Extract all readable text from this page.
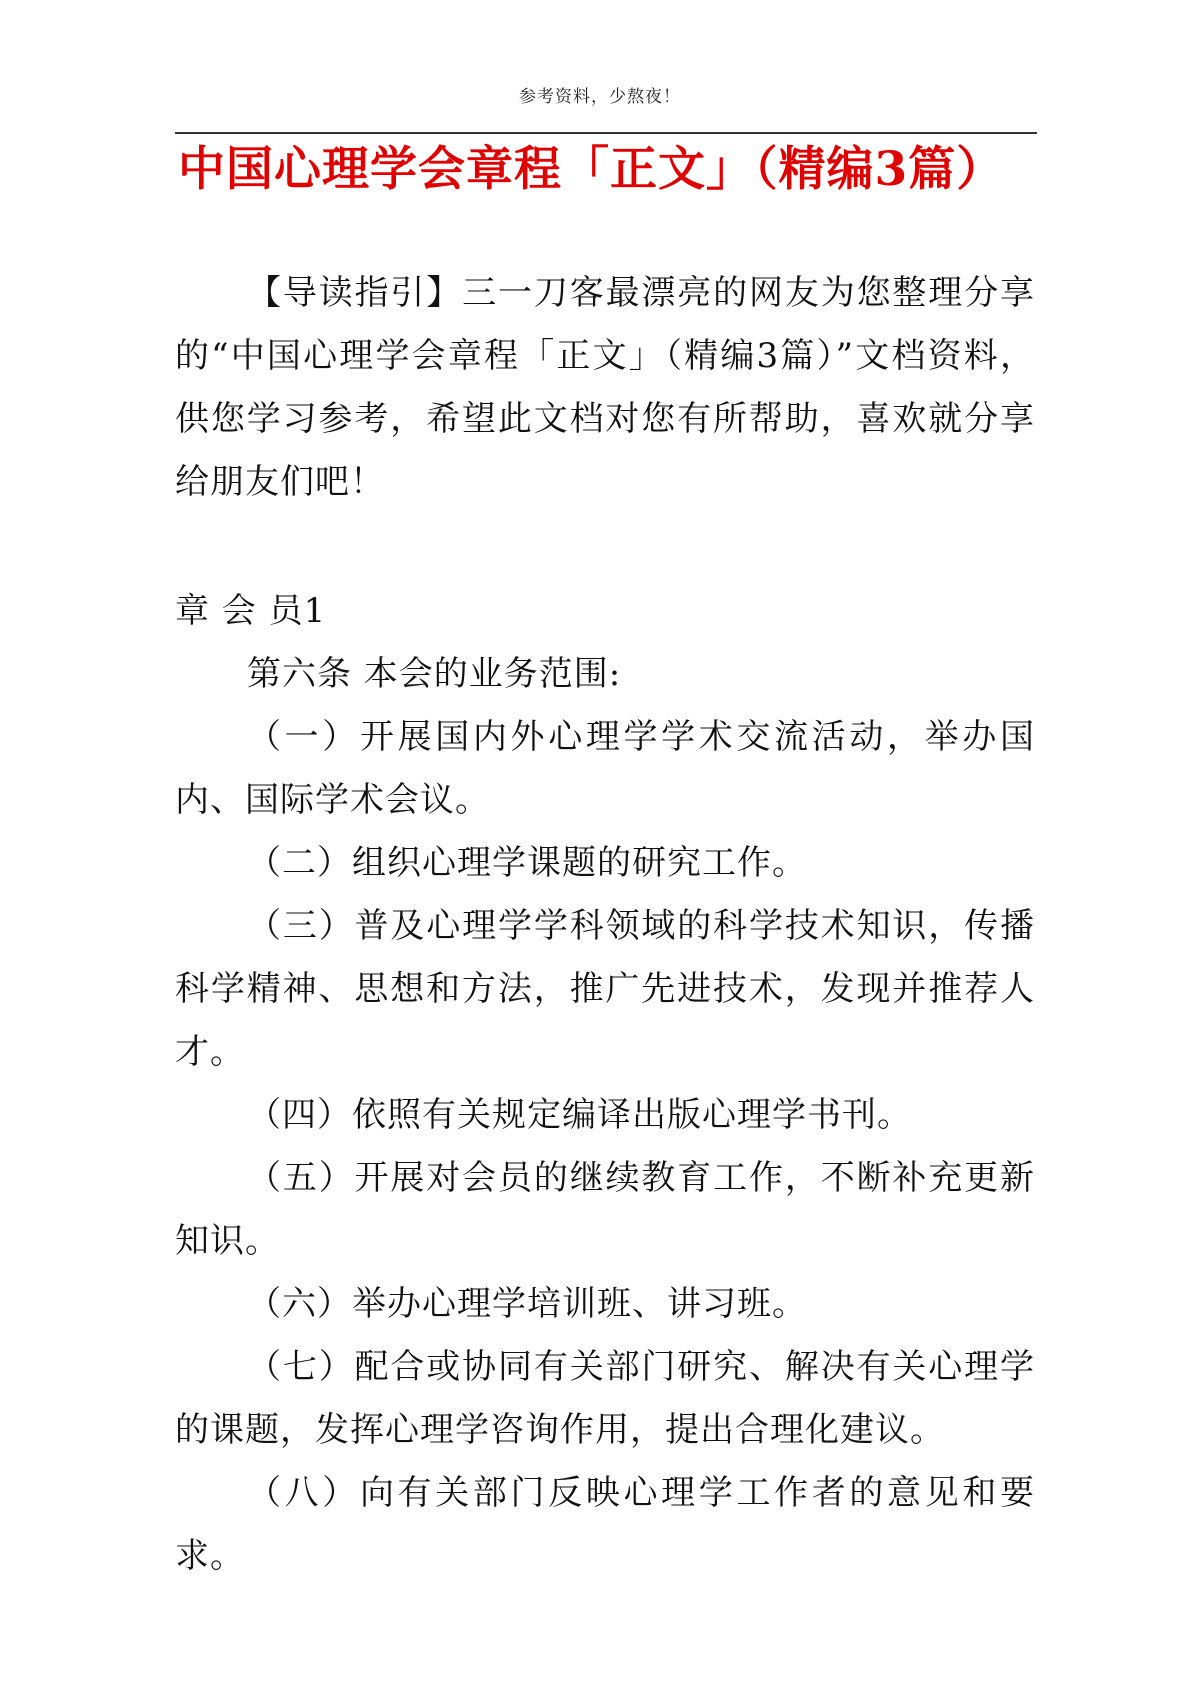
参考资料，少熬夜！
中国心理学会章程「正文」（精编3篇）
【导读指引】三一刀客最漂亮的网友为您整理分享的“中国心理学会章程「正文」（精编3篇）”文档资料，供您学习参考，希望此文档对您有所帮助，喜欢就分享给朋友们吧！
章 会 员1

第六条 本会的业务范围:

（一）开展国内外心理学学术交流活动，举办国内、国际学术会议。

（二）组织心理学课题的研究工作。

（三）普及心理学学科领域的科学技术知识，传播科学精神、思想和方法，推广先进技术，发现并推荐人才。

（四）依照有关规定编译出版心理学书刊。

（五）开展对会员的继续教育工作，不断补充更新知识。

（六）举办心理学培训班、讲习班。

（七）配合或协同有关部门研究、解决有关心理学的课题，发挥心理学咨询作用，提出合理化建议。

（八）向有关部门反映心理学工作者的意见和要求。
